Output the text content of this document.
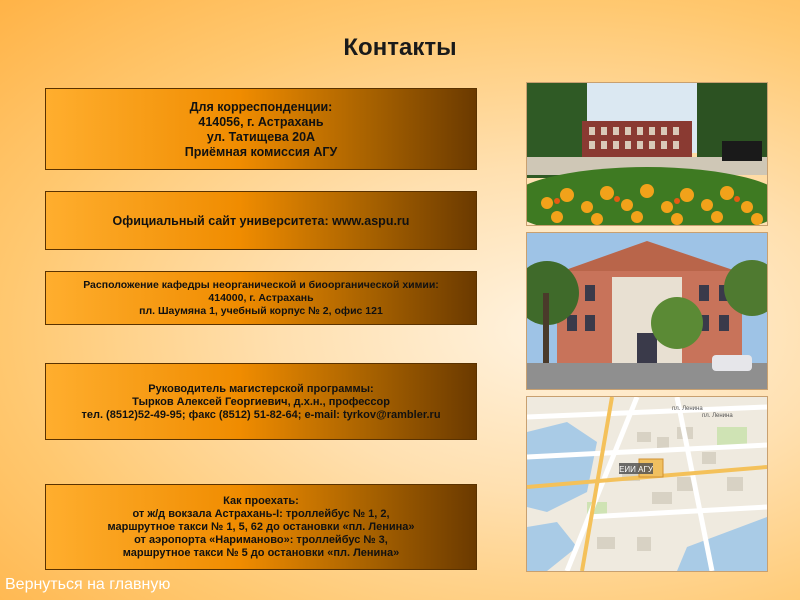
Контакты
Для корреспонденции:
414056, г. Астрахань
ул. Татищева 20А
Приёмная комиссия АГУ
Официальный сайт университета: www.aspu.ru
Расположение кафедры неорганической и биоорганической химии:
414000, г. Астрахань
пл. Шаумяна 1, учебный корпус № 2, офис 121
Руководитель магистерской программы:
Тырков Алексей Георгиевич, д.х.н., профессор
тел. (8512)52-49-95; факс (8512) 51-82-64; e-mail: tyrkov@rambler.ru
Как проехать:
от ж/д вокзала Астрахань-I: троллейбус № 1, 2,
маршрутное такси № 1, 5, 62 до остановки «пл. Ленина»
от аэропорта «Нариманово»: троллейбус № 3,
маршрутное такси № 5 до остановки «пл. Ленина»
ЕИИ АГУ
пл. Ленина
пл. Ленина
Вернуться на главную
